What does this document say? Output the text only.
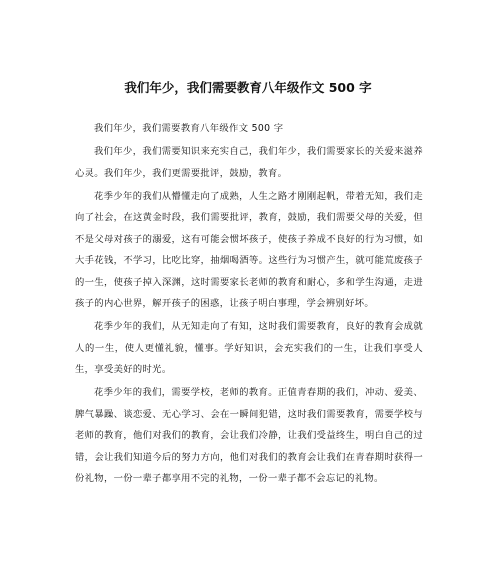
我们年少，我们需要教育八年级作文 500 字

我们年少，我们需要教育八年级作文 500 字

我们年少，我们需要知识来充实自己，我们年少，我们需要家长的关爱来滋养心灵。我们年少，我们更需要批评，鼓励，教育。

花季少年的我们从懵懂走向了成熟，人生之路才刚刚起帆，带着无知，我们走向了社会，在这黄金时段，我们需要批评，教育，鼓励，我们需要父母的关爱，但不是父母对孩子的溺爱，这有可能会惯坏孩子，使孩子养成不良好的行为习惯，如大手花钱，不学习，比吃比穿，抽烟喝酒等。这些行为习惯产生，就可能荒废孩子的一生，使孩子掉入深渊，这时需要家长老师的教育和耐心，多和学生沟通，走进孩子的内心世界，解开孩子的困惑，让孩子明白事理，学会辨别好坏。

花季少年的我们，从无知走向了有知，这时我们需要教育，良好的教育会成就人的一生，使人更懂礼貌，懂事。学好知识，会充实我们的一生，让我们享受人生，享受美好的时光。

花季少年的我们，需要学校，老师的教育。正值青春期的我们，冲动、爱美、脾气暴躁、谈恋爱、无心学习、会在一瞬间犯错，这时我们需要教育，需要学校与老师的教育，他们对我们的教育，会让我们冷静，让我们受益终生，明白自己的过错，会让我们知道今后的努力方向，他们对我们的教育会让我们在青春期时获得一份礼物，一份一辈子都享用不完的礼物，一份一辈子都不会忘记的礼物。
